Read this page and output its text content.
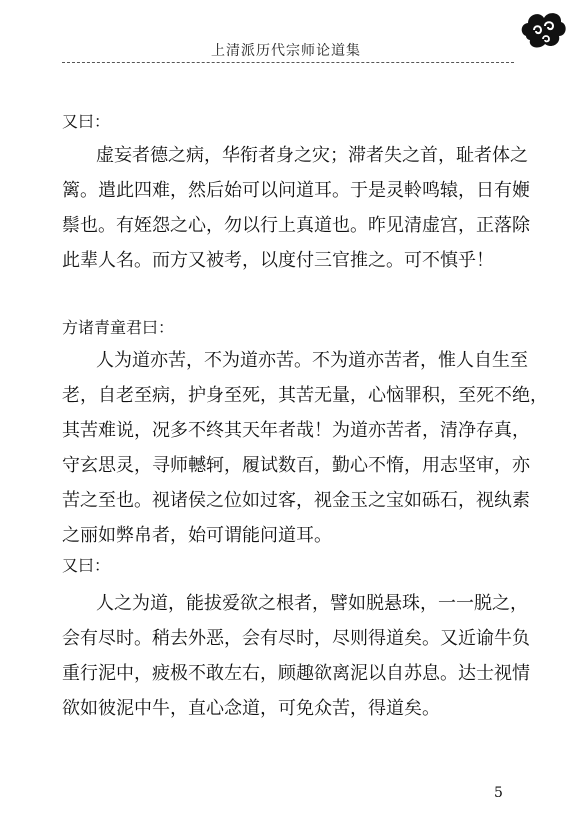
上清派历代宗师论道集
又曰：
虚妄者德之病，华衔者身之灾；滞者失之首，耻者体之
篱。遣此四难，然后始可以问道耳。于是灵軨鸣辕，日有㛹
鬃也。有姪怨之心，勿以行上真道也。昨见清虚宫，正落除
此辈人名。而方又被考，以度付三官推之。可不慎乎！
方诸青童君曰：
人为道亦苦，不为道亦苦。不为道亦苦者，惟人自生至
老，自老至病，护身至死，其苦无量，心恼罪积，至死不绝，
其苦难说，况多不终其天年者哉！为道亦苦者，清净存真，
守玄思灵，寻师轗轲，履试数百，勤心不惰，用志坚审，亦
苦之至也。视诸侯之位如过客，视金玉之宝如砾石，视纨素
之丽如弊帛者，始可谓能问道耳。
又曰：
人之为道，能拔爱欲之根者，譬如脱悬珠，一一脱之，
会有尽时。稍去外恶，会有尽时，尽则得道矣。又近谕牛负
重行泥中，疲极不敢左右，顾趣欲离泥以自苏息。达士视情
欲如彼泥中牛，直心念道，可免众苦，得道矣。
5
